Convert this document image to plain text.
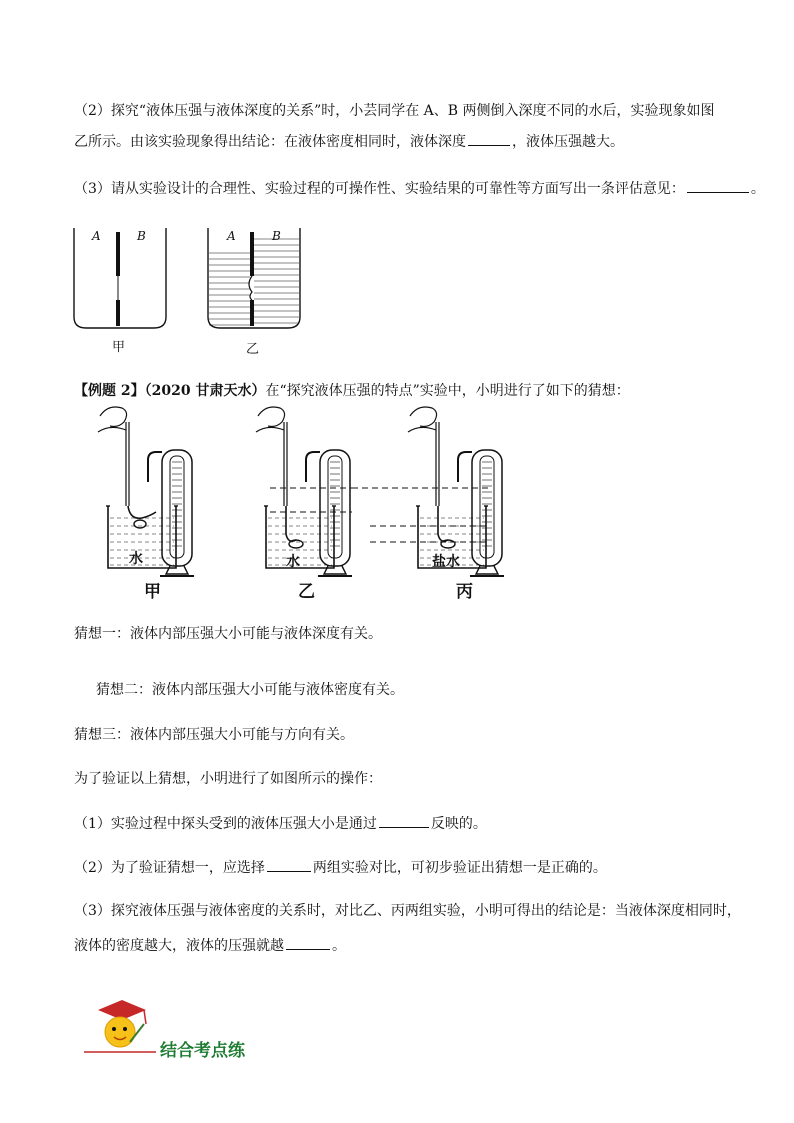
（2）探究“液体压强与液体深度的关系”时，小芸同学在 A、B 两侧倒入深度不同的水后，实验现象如图
乙所示。由该实验现象得出结论：在液体密度相同时，液体深度	，液体压强越大。
（3）请从实验设计的合理性、实验过程的可操作性、实验结果的可靠性等方面写出一条评估意见：	。
A	B	A	B
甲	乙
【例题 2】（2020 甘肃天水）在“探究液体压强的特点”实验中，小明进行了如下的猜想：
水	水	盐水
甲	乙	丙
猜想一：液体内部压强大小可能与液体深度有关。
猜想二：液体内部压强大小可能与液体密度有关。
猜想三：液体内部压强大小可能与方向有关。
为了验证以上猜想，小明进行了如图所示的操作：
（1）实验过程中探头受到的液体压强大小是通过	反映的。
（2）为了验证猜想一，应选择	两组实验对比，可初步验证出猜想一是正确的。
（3）探究液体压强与液体密度的关系时，对比乙、丙两组实验，小明可得出的结论是：当液体深度相同时，
液体的密度越大，液体的压强就越	。
结合考点练
